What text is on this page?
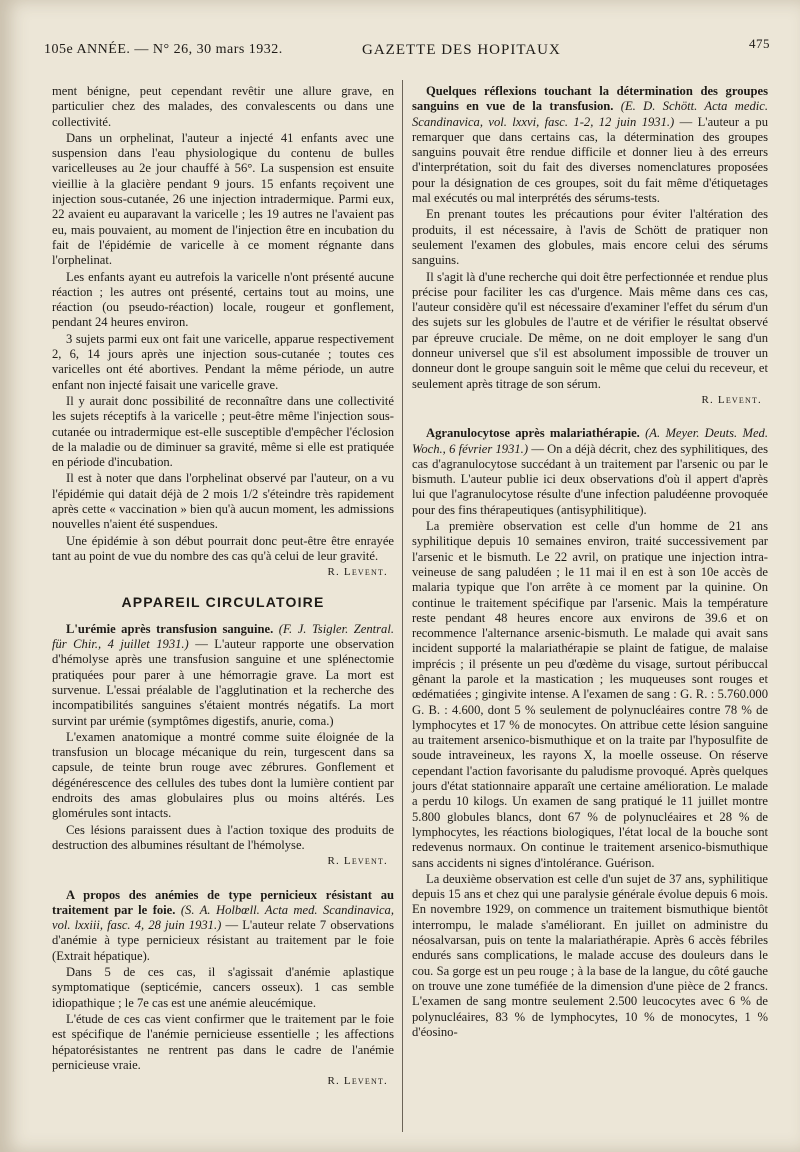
105e ANNÉE. — N° 26, 30 mars 1932.	GAZETTE DES HOPITAUX	475

ment bénigne, peut cependant revêtir une allure grave, en particulier chez des malades, des convalescents ou dans une collectivité.

Dans un orphelinat, l'auteur a injecté 41 enfants avec une suspension dans l'eau physiologique du contenu de bulles varicelleuses au 2e jour chauffé à 56°. La suspension est ensuite vieillie à la glacière pendant 9 jours. 15 enfants reçoivent une injection sous-cutanée, 26 une injection intradermique. Parmi eux, 22 avaient eu auparavant la varicelle ; les 19 autres ne l'avaient pas eu, mais pouvaient, au moment de l'injection être en incubation du fait de l'épidémie de varicelle à ce moment régnante dans l'orphelinat.

Les enfants ayant eu autrefois la varicelle n'ont présenté aucune réaction ; les autres ont présenté, certains tout au moins, une réaction (ou pseudo-réaction) locale, rougeur et gonflement, pendant 24 heures environ.

3 sujets parmi eux ont fait une varicelle, apparue respectivement 2, 6, 14 jours après une injection sous-cutanée ; toutes ces varicelles ont été abortives. Pendant la même période, un autre enfant non injecté faisait une varicelle grave.

Il y aurait donc possibilité de reconnaître dans une collectivité les sujets réceptifs à la varicelle ; peut-être même l'injection sous-cutanée ou intradermique est-elle susceptible d'empêcher l'éclosion de la maladie ou de diminuer sa gravité, même si elle est pratiquée en période d'incubation.

Il est à noter que dans l'orphelinat observé par l'auteur, on a vu l'épidémie qui datait déjà de 2 mois 1/2 s'éteindre très rapidement après cette « vaccination » bien qu'à aucun moment, les admissions nouvelles n'aient été suspendues.

Une épidémie à son début pourrait donc peut-être être enrayée tant au point de vue du nombre des cas qu'à celui de leur gravité.

R. Levent.
APPAREIL CIRCULATOIRE

L'urémie après transfusion sanguine. (F. J. Tsigler. Zentral. für Chir., 4 juillet 1931.) — L'auteur rapporte une observation d'hémolyse après une transfusion sanguine et une splénectomie pratiquées pour parer à une hémorragie grave. La mort est survenue. L'essai préalable de l'agglutination et la recherche des incompatibilités sanguines s'étaient montrés négatifs. La mort survint par urémie (symptômes digestifs, anurie, coma.)

L'examen anatomique a montré comme suite éloignée de la transfusion un blocage mécanique du rein, turgescent dans sa capsule, de teinte brun rouge avec zébrures. Gonflement et dégénérescence des cellules des tubes dont la lumière contient par endroits des amas globulaires plus ou moins altérés. Les glomérules sont intacts.

Ces lésions paraissent dues à l'action toxique des produits de destruction des albumines résultant de l'hémolyse.

R. Levent.

A propos des anémies de type pernicieux résistant au traitement par le foie. (S. A. Holbœll. Acta med. Scandinavica, vol. lxxiii, fasc. 4, 28 juin 1931.) — L'auteur relate 7 observations d'anémie à type pernicieux résistant au traitement par le foie (Extrait hépatique).

Dans 5 de ces cas, il s'agissait d'anémie aplastique symptomatique (septicémie, cancers osseux). 1 cas semble idiopathique ; le 7e cas est une anémie aleucémique.

L'étude de ces cas vient confirmer que le traitement par le foie est spécifique de l'anémie pernicieuse essentielle ; les affections hépatorésistantes ne rentrent pas dans le cadre de l'anémie pernicieuse vraie.

R. Levent.

Quelques réflexions touchant la détermination des groupes sanguins en vue de la transfusion. (E. D. Schött. Acta medic. Scandinavica, vol. lxxvi, fasc. 1-2, 12 juin 1931.) — L'auteur a pu remarquer que dans certains cas, la détermination des groupes sanguins pouvait être rendue difficile et donner lieu à des erreurs d'interprétation, soit du fait des diverses nomenclatures proposées pour la désignation de ces groupes, soit du fait même d'étiquetages mal exécutés ou mal interprétés des sérums-tests.

En prenant toutes les précautions pour éviter l'altération des produits, il est nécessaire, à l'avis de Schött de pratiquer non seulement l'examen des globules, mais encore celui des sérums sanguins.

Il s'agit là d'une recherche qui doit être perfectionnée et rendue plus précise pour faciliter les cas d'urgence. Mais même dans ces cas, l'auteur considère qu'il est nécessaire d'examiner l'effet du sérum d'un des sujets sur les globules de l'autre et de vérifier le résultat observé par épreuve cruciale. De même, on ne doit employer le sang d'un donneur universel que s'il est absolument impossible de trouver un donneur dont le groupe sanguin soit le même que celui du receveur, et seulement après titrage de son sérum.

R. Levent.

Agranulocytose après malariathérapie. (A. Meyer. Deuts. Med. Woch., 6 février 1931.) — On a déjà décrit, chez des syphilitiques, des cas d'agranulocytose succédant à un traitement par l'arsenic ou par le bismuth. L'auteur publie ici deux observations d'où il appert d'après lui que l'agranulocytose résulte d'une infection paludéenne provoquée pour des fins thérapeutiques (antisyphilitique).

La première observation est celle d'un homme de 21 ans syphilitique depuis 10 semaines environ, traité successivement par l'arsenic et le bismuth. Le 22 avril, on pratique une injection intra-veineuse de sang paludéen ; le 11 mai il en est à son 10e accès de malaria typique que l'on arrête à ce moment par la quinine. On continue le traitement spécifique par l'arsenic. Mais la température reste pendant 48 heures encore aux environs de 39.6 et on recommence l'alternance arsenic-bismuth. Le malade qui avait sans incident supporté la malariathérapie se plaint de fatigue, de malaise imprécis ; il présente un peu d'œdème du visage, surtout péribuccal gênant la parole et la mastication ; les muqueuses sont rouges et œdématiées ; gingivite intense. A l'examen de sang : G. R. : 5.760.000 G. B. : 4.600, dont 5 % seulement de polynucléaires contre 78 % de lymphocytes et 17 % de monocytes. On attribue cette lésion sanguine au traitement arsenico-bismuthique et on la traite par l'hyposulfite de soude intraveineux, les rayons X, la moelle osseuse. On réserve cependant l'action favorisante du paludisme provoqué. Après quelques jours d'état stationnaire apparaît une certaine amélioration. Le malade a perdu 10 kilogs. Un examen de sang pratiqué le 11 juillet montre 5.800 globules blancs, dont 67 % de polynucléaires et 28 % de lymphocytes, les réactions biologiques, l'état local de la bouche sont redevenus normaux. On continue le traitement arsenico-bismuthique sans accidents ni signes d'intolérance. Guérison.

La deuxième observation est celle d'un sujet de 37 ans, syphilitique depuis 15 ans et chez qui une paralysie générale évolue depuis 6 mois. En novembre 1929, on commence un traitement bismuthique bientôt interrompu, le malade s'améliorant. En juillet on administre du néosalvarsan, puis on tente la malariathérapie. Après 6 accès fébriles endurés sans complications, le malade accuse des douleurs dans le cou. Sa gorge est un peu rouge ; à la base de la langue, du côté gauche on trouve une zone tuméfiée de la dimension d'une pièce de 2 francs. L'examen de sang montre seulement 2.500 leucocytes avec 6 % de polynucléaires, 83 % de lymphocytes, 10 % de monocytes, 1 % d'éosino-
